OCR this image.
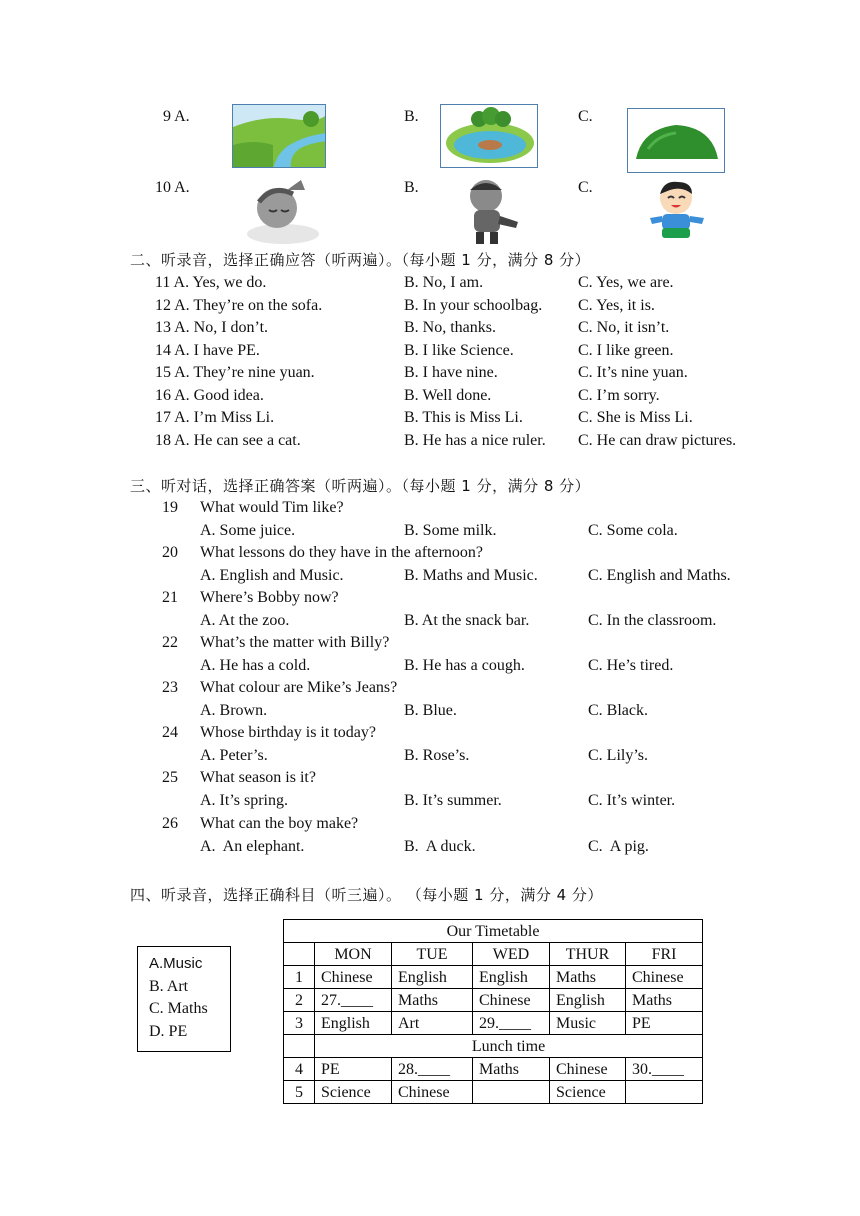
9 A.	B.	C.
10 A.	B.	C.
二、听录音，选择正确应答（听两遍）。（每小题 1 分，满分 8 分）
11 A. Yes, we do.	B. No, I am.	C. Yes, we are.
12 A. They’re on the sofa.	B. In your schoolbag. C. Yes, it is.
13 A. No, I don’t.	B. No, thanks.	C. No, it isn’t.
14 A. I have PE.	B. I like Science.	C. I like green.
15 A. They’re nine yuan.	B. I have nine.	C. It’s nine yuan.
16 A. Good idea.	B. Well done.	C. I’m sorry.
17 A. I’m Miss Li.	B. This is Miss Li.	C. She is Miss Li.
18 A. He can see a cat.	B. He has a nice ruler. C. He can draw pictures.
三、听对话，选择正确答案（听两遍）。（每小题 1 分，满分 8 分）
19 What would Tim like?
A. Some juice.	B. Some milk.	C. Some cola.
20 What lessons do they have in the afternoon?
A. English and Music.	B. Maths and Music.	C. English and Maths.
21 Where’s Bobby now?
A. At the zoo.	B. At the snack bar.	C. In the classroom.
22 What’s the matter with Billy?
A. He has a cold.	B. He has a cough.	C. He’s tired.
23 What colour are Mike’s Jeans?
A. Brown.	B. Blue.	C. Black.
24 Whose birthday is it today?
A. Peter’s.	B. Rose’s.	C. Lily’s.
25 What season is it?
A. It’s spring.	B. It’s summer.	C. It’s winter.
26 What can the boy make?
A.  An elephant.	B.  A duck.	C.  A pig.
四、听录音，选择正确科目（听三遍）。 （每小题 1 分，满分 4 分）
A.Music
B. Art
C. Maths
D. PE
Our Timetable					
	MON	TUE	WED	THUR	FRI
1	Chinese	English	English	Maths	Chinese
2	27.____	Maths	Chinese	English	Maths
3	English	Art	29.____	Music	PE
	Lunch time				
4	PE	28.____	Maths	Chinese	30.____
5	Science	Chinese		Science	
